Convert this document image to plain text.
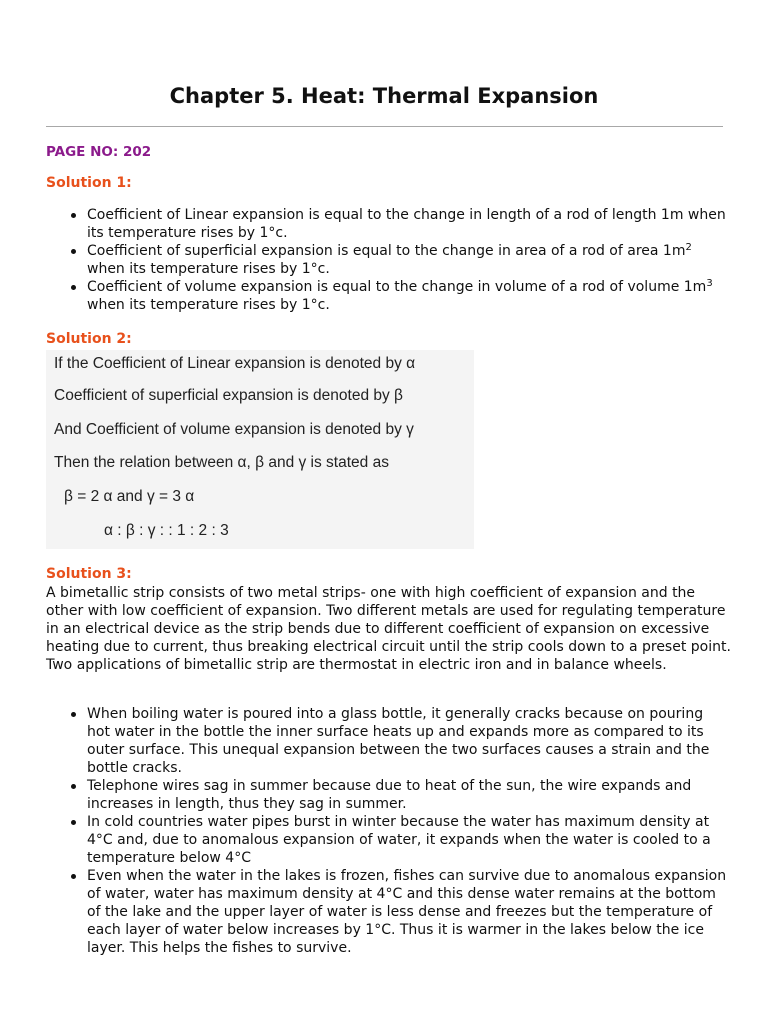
Chapter 5. Heat: Thermal Expansion

PAGE NO: 202

Solution 1:

Coefficient of Linear expansion is equal to the change in length of a rod of length 1m when its temperature rises by 1°c.
Coefficient of superficial expansion is equal to the change in area of a rod of area $1m^2$ when its temperature rises by 1°c.
Coefficient of volume expansion is equal to the change in volume of a rod of volume $1m^3$ when its temperature rises by 1°c.

Solution 2:

If the Coefficient of Linear expansion is denoted by α

Coefficient of superficial expansion is denoted by β

And Coefficient of volume expansion is denoted by γ

Then the relation between α, β and γ is stated as

β = 2 α and γ = 3 α

α : β : γ : : 1 : 2 : 3

Solution 3:

A bimetallic strip consists of two metal strips- one with high coefficient of expansion and the other with low coefficient of expansion. Two different metals are used for regulating temperature in an electrical device as the strip bends due to different coefficient of expansion on excessive heating due to current, thus breaking electrical circuit until the strip cools down to a preset point. Two applications of bimetallic strip are thermostat in electric iron and in balance wheels.

When boiling water is poured into a glass bottle, it generally cracks because on pouring hot water in the bottle the inner surface heats up and expands more as compared to its outer surface. This unequal expansion between the two surfaces causes a strain and the bottle cracks.
Telephone wires sag in summer because due to heat of the sun, the wire expands and increases in length, thus they sag in summer.
In cold countries water pipes burst in winter because the water has maximum density at 4°C and, due to anomalous expansion of water, it expands when the water is cooled to a temperature below 4°C
Even when the water in the lakes is frozen, fishes can survive due to anomalous expansion of water, water has maximum density at 4°C and this dense water remains at the bottom of the lake and the upper layer of water is less dense and freezes but the temperature of each layer of water below increases by 1°C. Thus it is warmer in the lakes below the ice layer. This helps the fishes to survive.
